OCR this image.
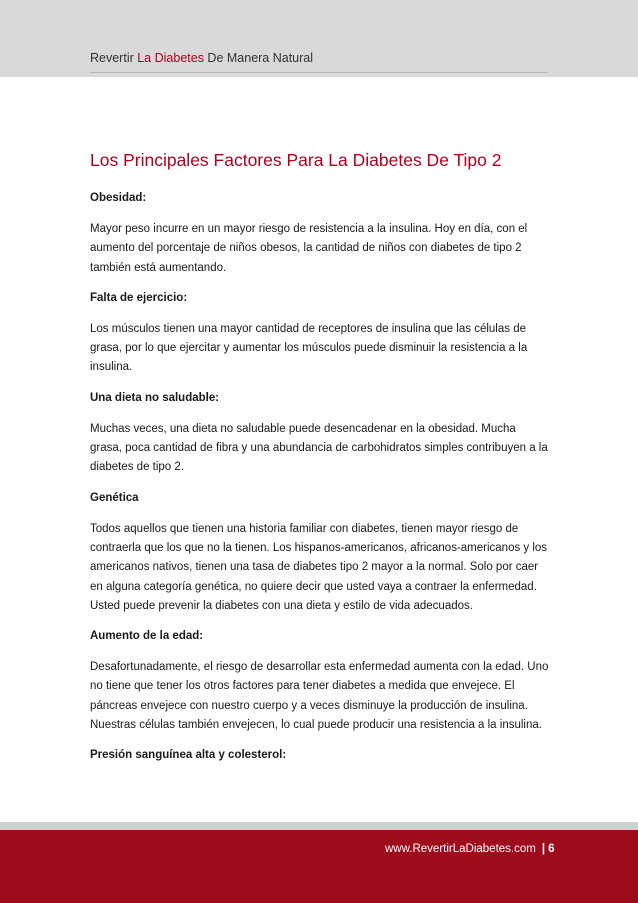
Revertir La Diabetes De Manera Natural
Los Principales Factores Para La Diabetes De Tipo 2
Obesidad:

Mayor peso incurre en un mayor riesgo de resistencia a la insulina. Hoy en día, con el aumento del porcentaje de niños obesos, la cantidad de niños con diabetes de tipo 2 también está aumentando.

Falta de ejercicio:

Los músculos tienen una mayor cantidad de receptores de insulina que las células de grasa, por lo que ejercitar y aumentar los músculos puede disminuir la resistencia a la insulina.

Una dieta no saludable:

Muchas veces, una dieta no saludable puede desencadenar en la obesidad. Mucha grasa, poca cantidad de fibra y una abundancia de carbohidratos simples contribuyen a la diabetes de tipo 2.

Genética

Todos aquellos que tienen una historia familiar con diabetes, tienen mayor riesgo de contraerla que los que no la tienen. Los hispanos-americanos, africanos-americanos y los americanos nativos, tienen una tasa de diabetes tipo 2 mayor a la normal. Solo por caer en alguna categoría genética, no quiere decir que usted vaya a contraer la enfermedad. Usted puede prevenir la diabetes con una dieta y estilo de vida adecuados.

Aumento de la edad:

Desafortunadamente, el riesgo de desarrollar esta enfermedad aumenta con la edad. Uno no tiene que tener los otros factores para tener diabetes a medida que envejece. El páncreas envejece con nuestro cuerpo y a veces disminuye la producción de insulina. Nuestras células también envejecen, lo cual puede producir una resistencia a la insulina.

Presión sanguínea alta y colesterol:
www.RevertirLaDiabetes.com | 6
